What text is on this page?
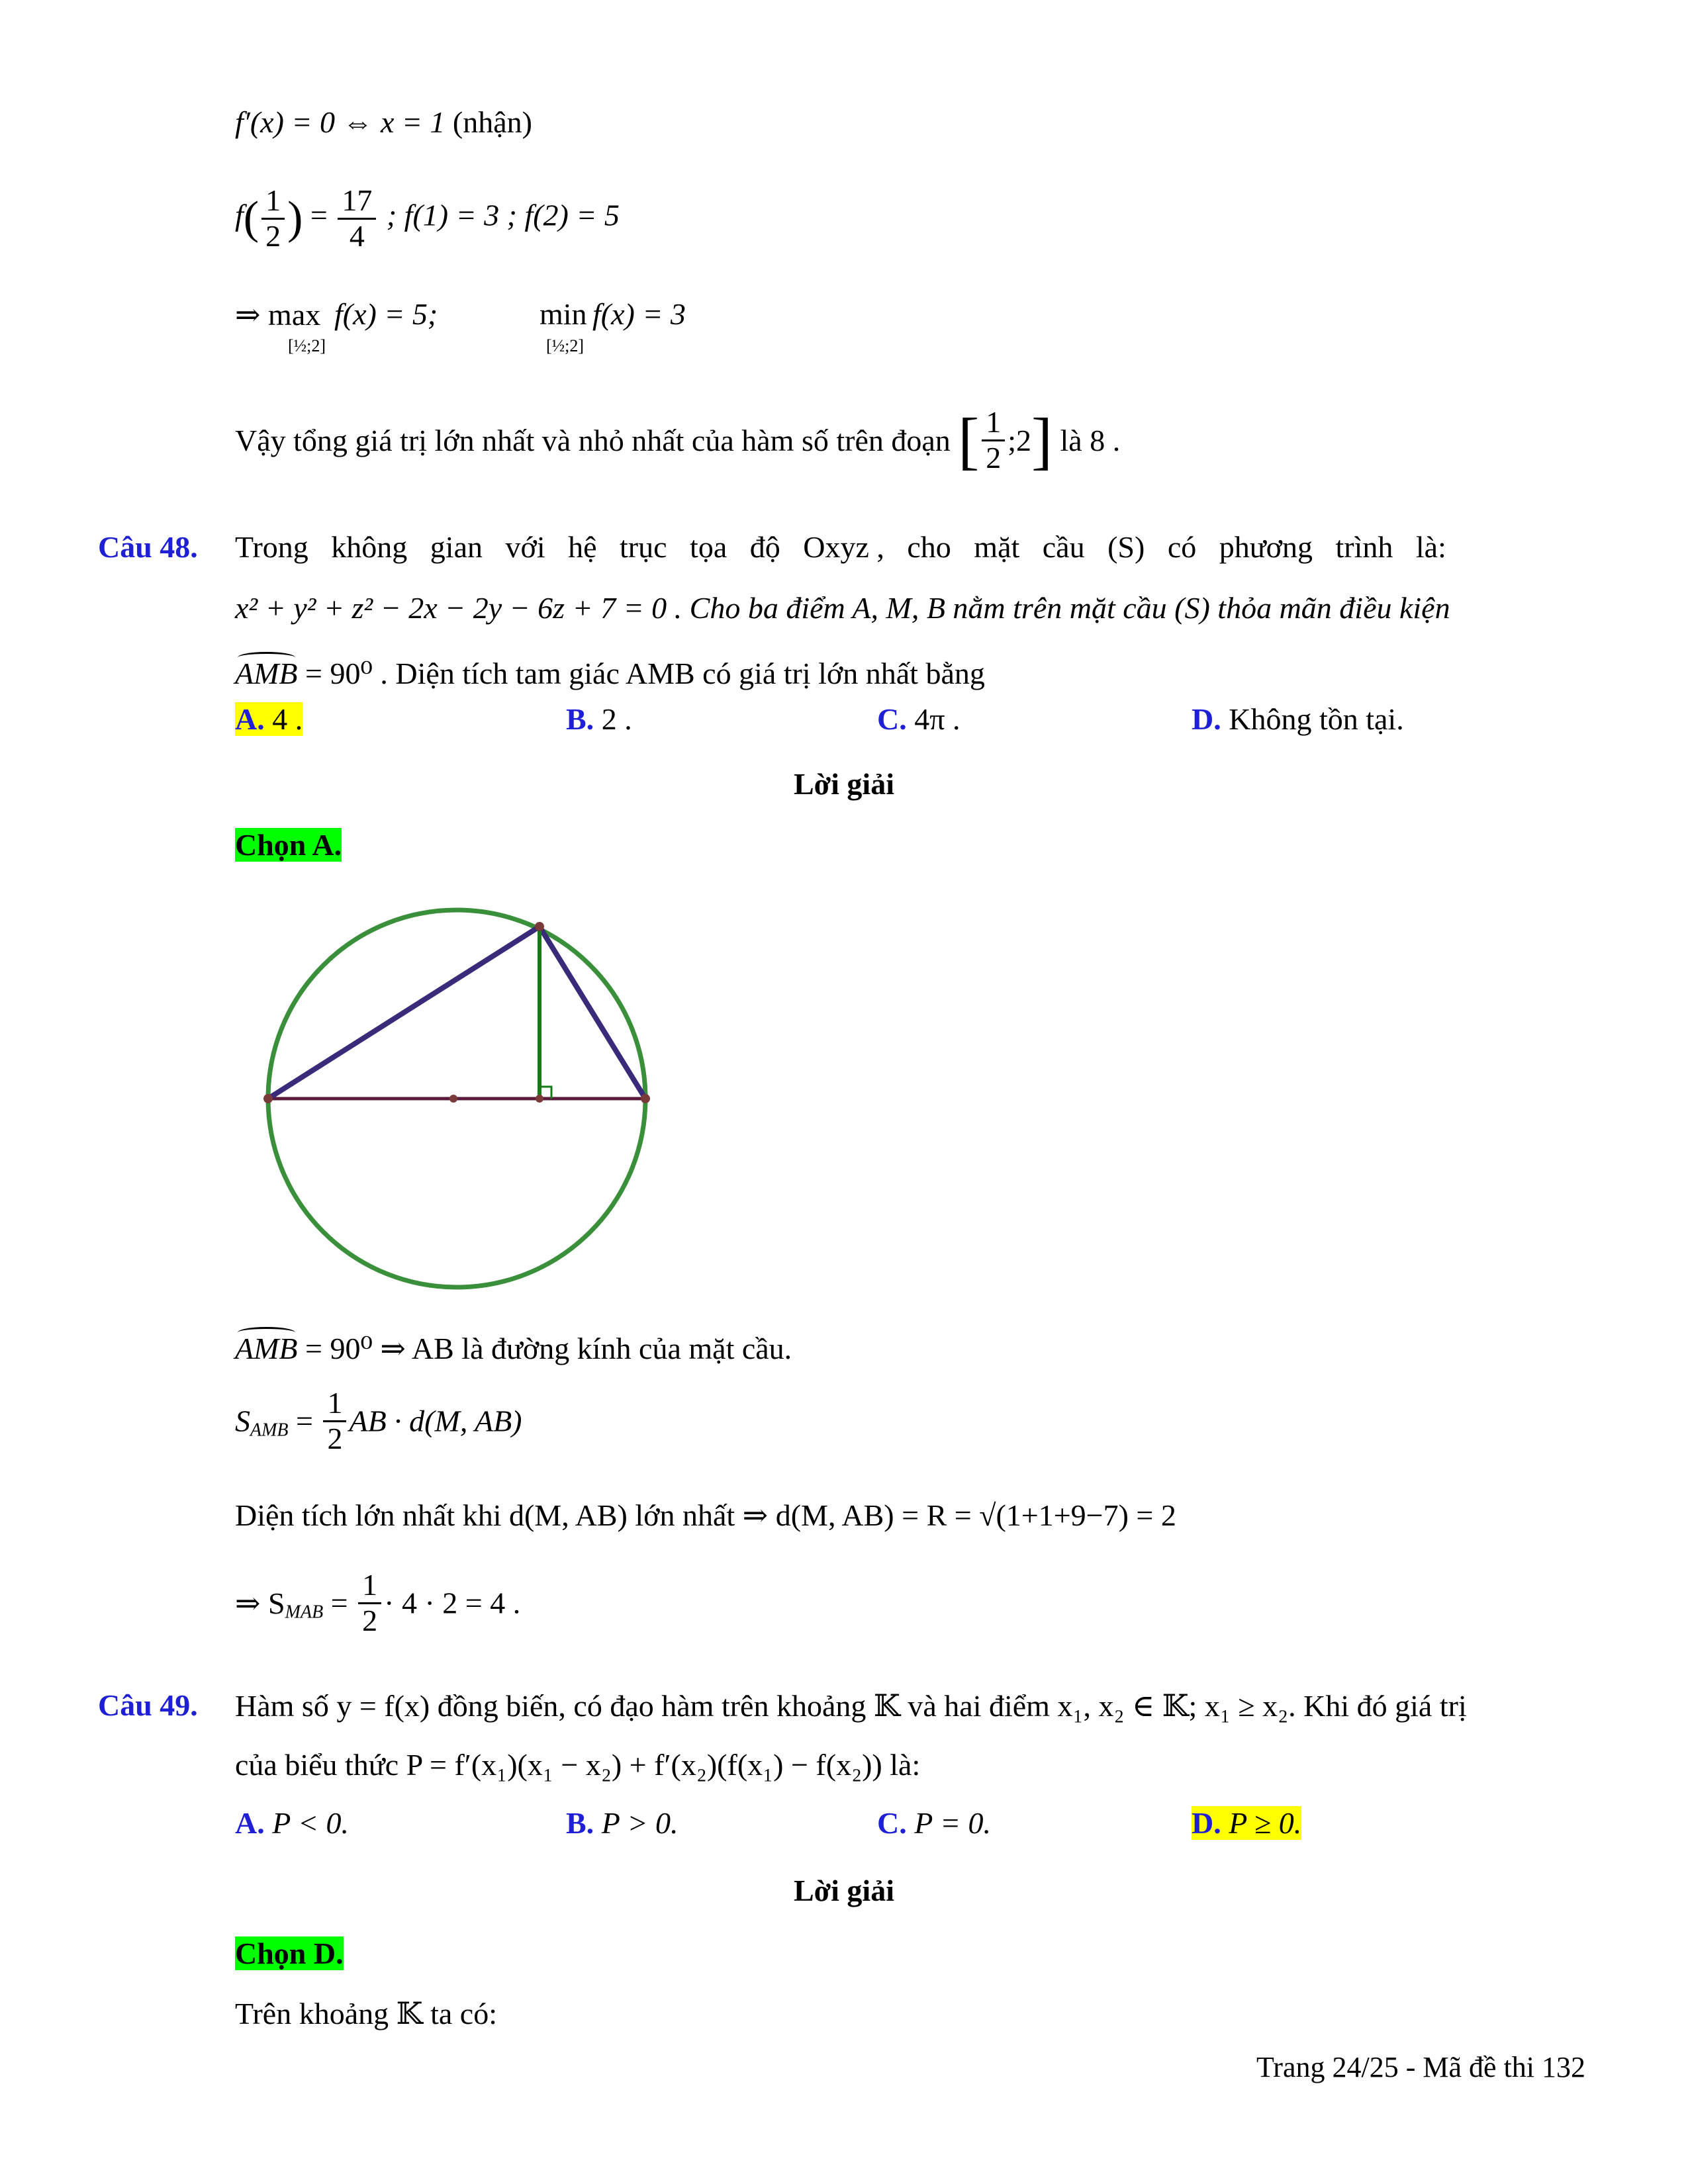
f′(x) = 0 ⇔ x = 1 (nhận)
$f( \frac{1}{2}$ ) = $\frac{17}{4}$ ; f(1) = 3 ; f(2) = 5
⇒ max
[½;2]
f(x) = 5;	min
[½;2]
f(x) = 3
Vậy tổng giá trị lớn nhất và nhỏ nhất của hàm số trên đoạn [ $\frac{1}{2}$ ;2] là 8 .
Câu 48. Trong   không   gian   với   hệ   trục   tọa   độ   Oxyz ,   cho   mặt   cầu   (S)   có   phương   trình   là:
x² + y² + z² − 2x − 2y − 6z + 7 = 0 . Cho ba điểm A, M, B nằm trên mặt cầu (S) thỏa mãn điều kiện
AMB = 90⁰ . Diện tích tam giác AMB có giá trị lớn nhất bằng
A. 4 .	B. 2 .	C. 4π .	D. Không tồn tại.
Lời giải
Chọn A.
AMB = 90⁰ ⇒ AB là đường kính của mặt cầu.
$S_{AMB} = \frac{1}{2}$ AB · d(M, AB)
Diện tích lớn nhất khi d(M, AB) lớn nhất ⇒ d(M, AB) = R = √(1+1+9−7) = 2
⇒ $S_{MAB} = \frac{1}{2} \cdot 4 \cdot 2 = 4$ .
Câu 49. Hàm số y = f(x) đồng biến, có đạo hàm trên khoảng 𝕂 và hai điểm x₁, x₂ ∈ 𝕂; x₁ ≥ x₂. Khi đó giá trị
của biểu thức P = f′(x₁)(x₁ − x₂) + f′(x₂)(f(x₁) − f(x₂)) là:
A. P < 0.	B. P > 0.	C. P = 0.	D. P ≥ 0.
Lời giải
Chọn D.
Trên khoảng 𝕂 ta có:
Trang 24/25 - Mã đề thi 132
